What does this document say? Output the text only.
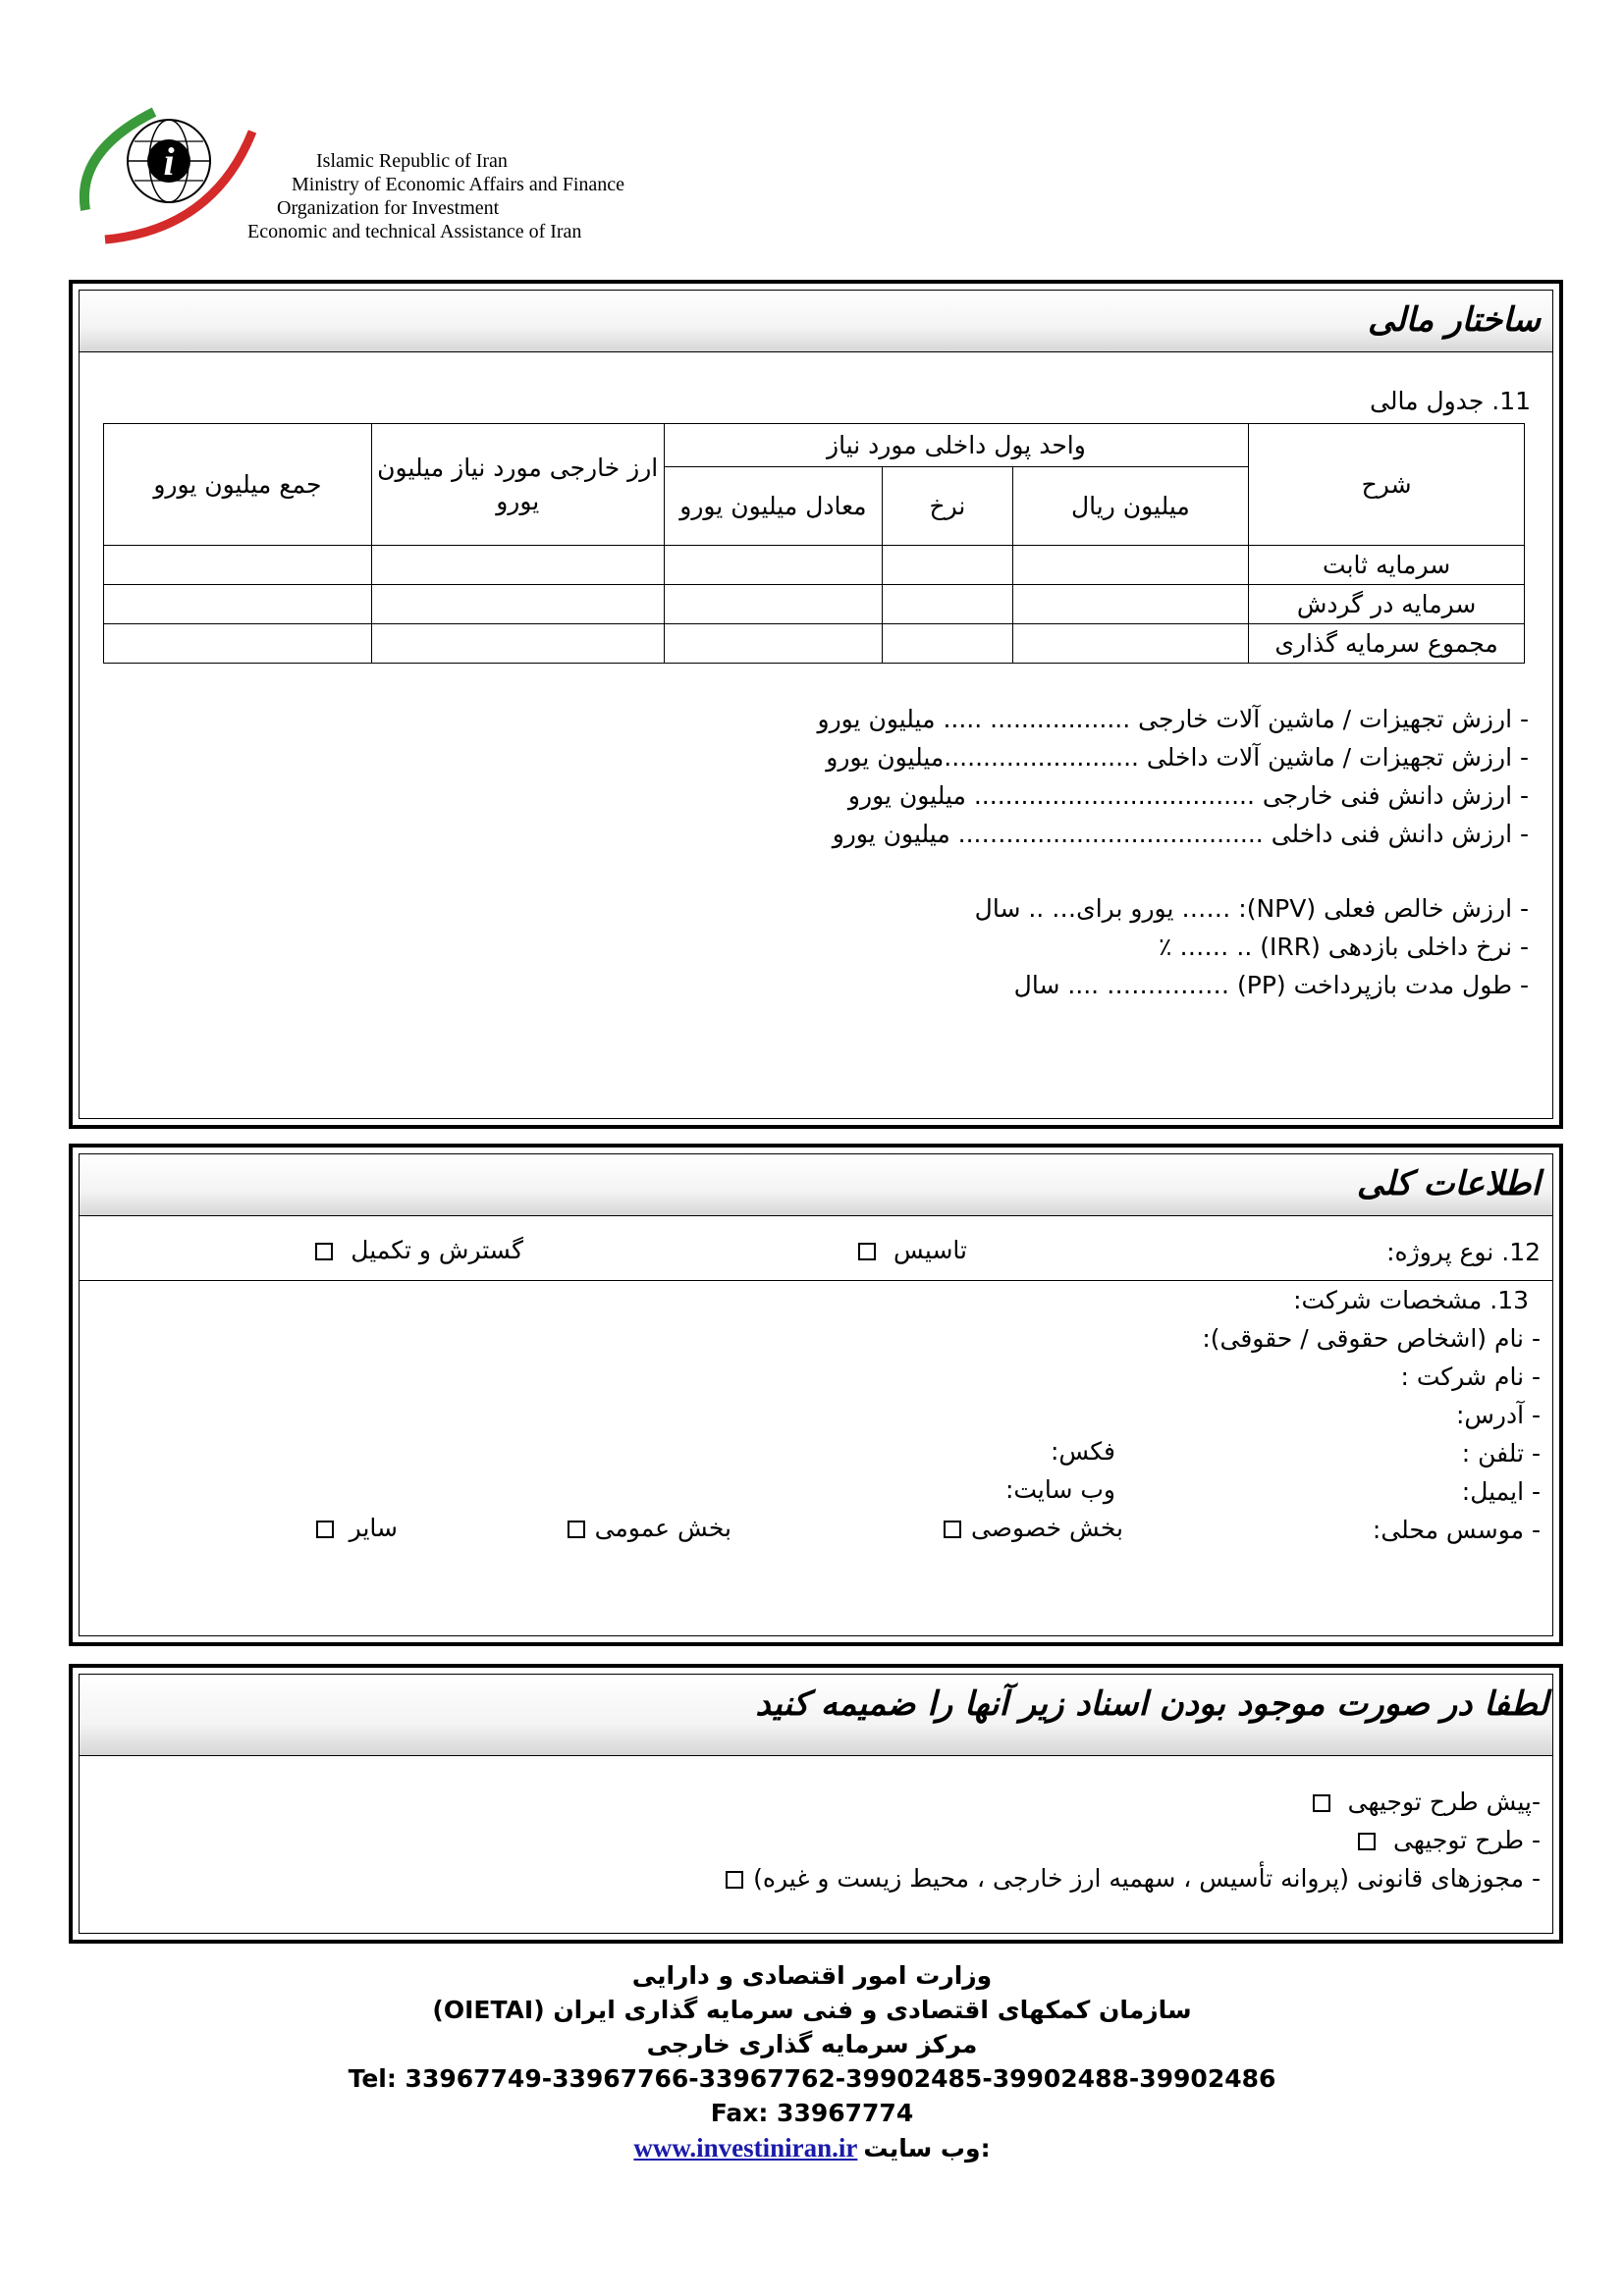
i	Islamic Republic of Iran
Ministry of Economic Affairs and Finance
Organization for Investment
Economic and technical Assistance of Iran
ساختار مالی
11. جدول مالی
شرح	واحد پول داخلی مورد نیاز			ارز خارجی مورد نیاز میلیون یورو	جمع میلیون یورو
	میلیون ریال	نرخ	معادل میلیون یورو		
سرمایه ثابت					
سرمایه در گردش					
مجموع سرمایه گذاری					
- ارزش تجهیزات / ماشین آلات خارجی .................. ..... میلیون یورو
- ارزش تجهیزات / ماشین آلات داخلی .........................میلیون یورو
- ارزش دانش فنی خارجی .................................... میلیون یورو
- ارزش دانش فنی داخلی .................................…... میلیون یورو
- ارزش خالص فعلی (NPV): …… یورو برای… .. سال
- نرخ داخلی بازدهی (IRR) .. …… ٪
- طول مدت بازپرداخت (PP) …………… .... سال
اطلاعات کلی
12. نوع پروژه:
تاسیس
گسترش و تکمیل
13. مشخصات شرکت:
- نام (اشخاص حقوقی / حقوقی):
- نام شرکت :
- آدرس:
- تلفن :
فکس:
- ایمیل:
وب سایت:
- موسس محلی:
بخش خصوصی
بخش عمومی
سایر
لطفا در صورت موجود بودن اسناد زیر آنها را ضمیمه کنید
-پیش طرح توجیهی
- طرح توجیهی
- مجوزهای قانونی (پروانه تأسیس ، سهمیه ارز خارجی ، محیط زیست و غیره)
وزارت امور اقتصادی و دارایی
سازمان کمکهای اقتصادی و فنی سرمایه گذاری ایران (OIETAI)
مرکز سرمایه گذاری خارجی
Tel: 33967749-33967766-33967762-39902485-39902488-39902486
Fax: 33967774
www.investiniran.ir وب سایت:
